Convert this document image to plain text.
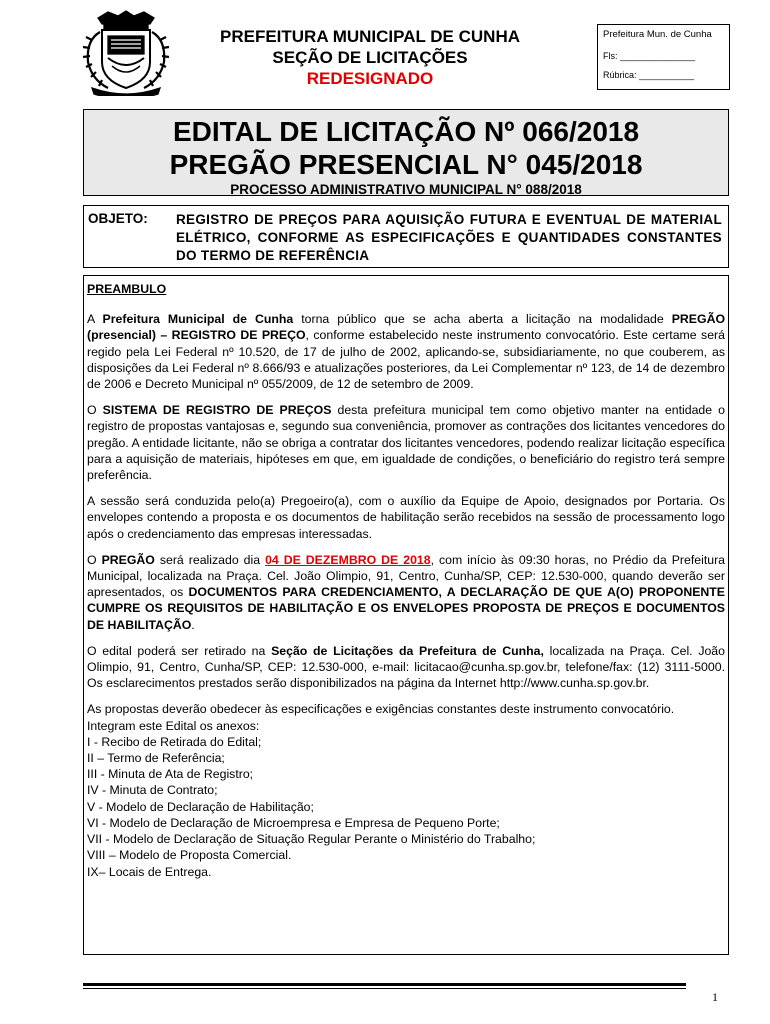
PREFEITURA MUNICIPAL DE CUNHA
SEÇÃO DE LICITAÇÕES
REDESIGNADO
Prefeitura Mun. de Cunha
Fls: _______________
Rúbrica: ___________
EDITAL DE LICITAÇÃO Nº 066/2018
PREGÃO PRESENCIAL N° 045/2018
PROCESSO ADMINISTRATIVO MUNICIPAL N° 088/2018
OBJETO: REGISTRO DE PREÇOS PARA AQUISIÇÃO FUTURA E EVENTUAL DE MATERIAL ELÉTRICO, CONFORME AS ESPECIFICAÇÕES E QUANTIDADES CONSTANTES DO TERMO DE REFERÊNCIA

PREAMBULO

A Prefeitura Municipal de Cunha torna público que se acha aberta a licitação na modalidade PREGÃO (presencial) – REGISTRO DE PREÇO, conforme estabelecido neste instrumento convocatório. Este certame será regido pela Lei Federal nº 10.520, de 17 de julho de 2002, aplicando-se, subsidiariamente, no que couberem, as disposições da Lei Federal nº 8.666/93 e atualizações posteriores, da Lei Complementar nº 123, de 14 de dezembro de 2006 e Decreto Municipal nº 055/2009, de 12 de setembro de 2009.

O SISTEMA DE REGISTRO DE PREÇOS desta prefeitura municipal tem como objetivo manter na entidade o registro de propostas vantajosas e, segundo sua conveniência, promover as contrações dos licitantes vencedores do pregão. A entidade licitante, não se obriga a contratar dos licitantes vencedores, podendo realizar licitação específica para a aquisição de materiais, hipóteses em que, em igualdade de condições, o beneficiário do registro terá sempre preferência.

A sessão será conduzida pelo(a) Pregoeiro(a), com o auxílio da Equipe de Apoio, designados por Portaria. Os envelopes contendo a proposta e os documentos de habilitação serão recebidos na sessão de processamento logo após o credenciamento das empresas interessadas.

O PREGÃO será realizado dia 04 DE DEZEMBRO DE 2018, com início às 09:30 horas, no Prédio da Prefeitura Municipal, localizada na Praça. Cel. João Olimpio, 91, Centro, Cunha/SP, CEP: 12.530-000, quando deverão ser apresentados, os DOCUMENTOS PARA CREDENCIAMENTO, A DECLARAÇÃO DE QUE A(O) PROPONENTE CUMPRE OS REQUISITOS DE HABILITAÇÃO E OS ENVELOPES PROPOSTA DE PREÇOS E DOCUMENTOS DE HABILITAÇÃO.

O edital poderá ser retirado na Seção de Licitações da Prefeitura de Cunha, localizada na Praça. Cel. João Olimpio, 91, Centro, Cunha/SP, CEP: 12.530-000, e-mail: licitacao@cunha.sp.gov.br, telefone/fax: (12) 3111-5000. Os esclarecimentos prestados serão disponibilizados na página da Internet http://www.cunha.sp.gov.br.

As propostas deverão obedecer às especificações e exigências constantes deste instrumento convocatório.

Integram este Edital os anexos:
I - Recibo de Retirada do Edital;
II – Termo de Referência;
III - Minuta de Ata de Registro;
IV - Minuta de Contrato;
V - Modelo de Declaração de Habilitação;
VI - Modelo de Declaração de Microempresa e Empresa de Pequeno Porte;
VII - Modelo de Declaração de Situação Regular Perante o Ministério do Trabalho;
VIII – Modelo de Proposta Comercial.
IX– Locais de Entrega.
1
